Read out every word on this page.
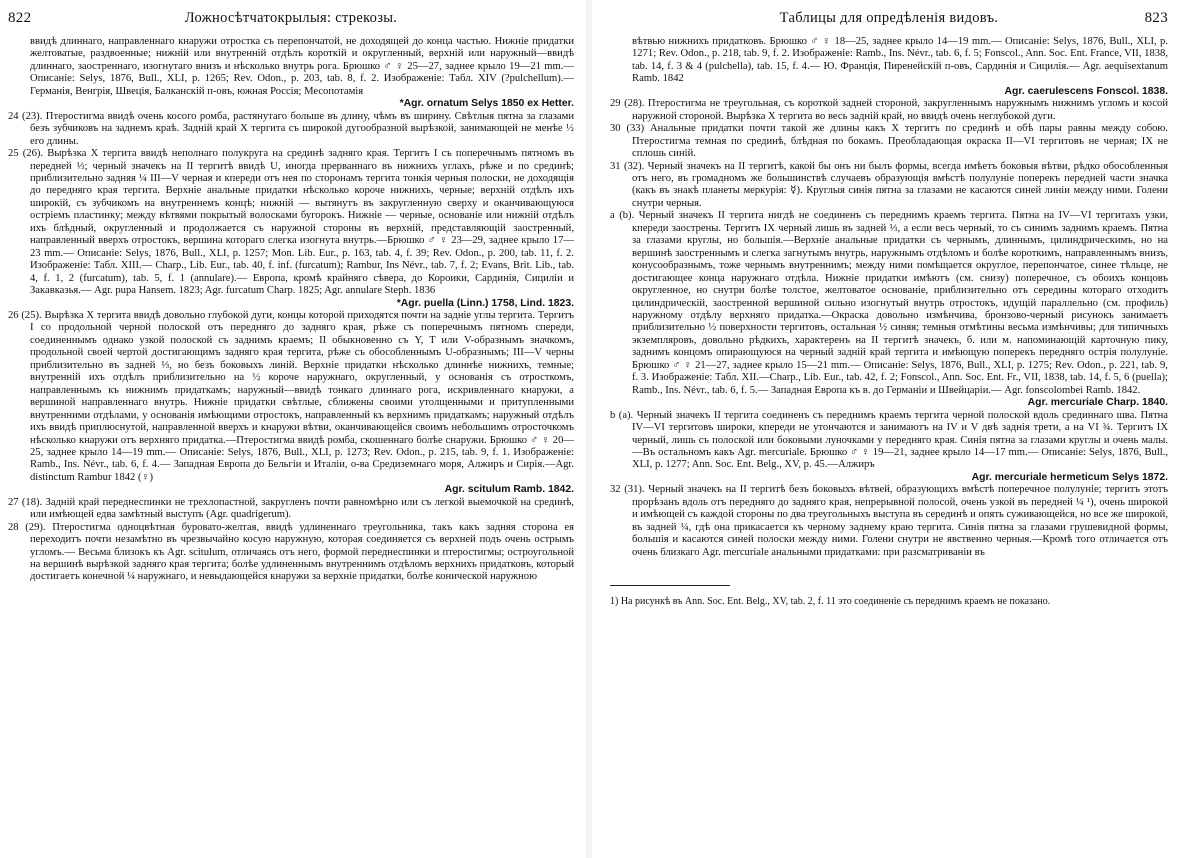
822	Ложносѣтчатокрылыя: стрекозы.

ввидѣ длиннаго, направленнаго кнаружи отростка съ перепончатой, не доходящей до конца частью. Нижніе придатки желтоватые, раздвоенные; нижній или внутренній отдѣлъ короткій и округленный, верхній или наружный—ввидѣ длиннаго, заостреннаго, изогнутаго внизъ и нѣсколько внутрь рога. Брюшко ♂ ♀ 25—27, заднее крыло 19—21 mm.— Описаніе: Selys, 1876, Bull., XLI, p. 1265; Rev. Odon., p. 203, tab. 8, f. 2. Изображеніе: Табл. XIV (?pulchellum).— Германія, Венгрія, Швеція, Балканскій п-овъ, южная Россія; Месопотамія

*Agr. ornatum Selys 1850 ex Hetter.

24 (23). Птеростигма ввидѣ очень косого ромба, растянутаго больше въ длину, чѣмъ въ ширину. Свѣтлыя пятна за глазами безъ зубчиковъ на заднемъ краѣ. Задній край X тергита съ широкой дугообразной вырѣзкой, занимающей не менѣе ½ его длины.

25 (26). Вырѣзка X тергита ввидѣ неполнаго полукруга на срединѣ задняго края. Тергитъ I съ поперечнымъ пятномъ въ передней ⅓; черный значекъ на II тергитѣ ввидѣ U, иногда прерваннаго въ нижнихъ углахъ, рѣже и по срединѣ; приблизительно задняя ¼ III—V черная и кпереди отъ нея по сторонамъ тергита тонкія черныя полоски, не доходящія до передняго края тергита. Верхніе анальные придатки нѣсколько короче нижнихъ, черные; верхній отдѣлъ ихъ широкій, съ зубчикомъ на внутреннемъ концѣ; нижній — вытянутъ въ закругленную сверху и оканчивающуюся острiемъ пластинку; между вѣтвями покрытый волосками бугорокъ. Нижніе — черные, основаніе или нижній отдѣлъ ихъ блѣдный, округленный и продолжается съ наружной стороны въ верхній, представляющій заостренный, направленный вверхъ отростокъ, вершина котораго слегка изогнута внутрь.—Брюшко ♂ ♀ 23—29, заднее крыло 17—23 mm.— Описаніе: Selys, 1876, Bull., XLI, p. 1257; Mon. Lib. Eur., p. 163, tab. 4, f. 39; Rev. Odon., p. 200, tab. 11, f. 2. Изображеніе: Табл. XIII.— Charp., Lib. Eur., tab. 40, f. inf. (furcatum); Rambur, Ins Névr., tab. 7, f. 2; Evans, Brit. Lib., tab. 4, f. 1, 2 (furcatum), tab. 5, f. 1 (annulare).— Европа, кромѣ крайняго сѣвера, до Короики, Сардинія, Сициліи и Закавказья.— Agr. pupa Hansem. 1823; Agr. furcatum Charp. 1825; Agr. annulare Steph. 1836

*Agr. puella (Linn.) 1758, Lind. 1823.

26 (25). Вырѣзка X тергита ввидѣ довольно глубокой дуги, концы которой приходятся почти на задніе углы тергита. Тергитъ I со продольной черной полоской отъ передняго до задняго края, рѣже съ поперечнымъ пятномъ спереди, соединеннымъ однако узкой полоской съ заднимъ краемъ; II обыкновенно съ Y, T или V-образнымъ значкомъ, продольной своей чертой достигающимъ задняго края тергита, рѣже съ обособленнымъ U-образнымъ; III—V черны приблизительно въ задней ⅓, но безъ боковыхъ линій. Верхніе придатки нѣсколько длиннѣе нижнихъ, темные; внутренній ихъ отдѣлъ приблизительно на ½ короче наружнаго, округленный, у основанія съ отросткомъ, направленнымъ къ нижнимъ придаткамъ; наружный—ввидѣ тонкаго длиннаго рога, искривленнаго кнаружи, а вершиной направленнаго внутрь. Нижніе придатки свѣтлые, сближены своими утолщенными и притупленными внутренними отдѣлами, у основанія имѣющими отростокъ, направленный къ верхнимъ придаткамъ; наружный отдѣлъ ихъ ввидѣ приплюснутой, направленной вверхъ и кнаружи вѣтви, оканчивающейся своимъ небольшимъ отросточкомъ нѣсколько кнаружи отъ верхняго придатка.—Птеростигма ввидѣ ромба, скошеннаго болѣе снаружи. Брюшко ♂ ♀ 20—25, заднее крыло 14—19 mm.— Описаніе: Selys, 1876, Bull., XLI, p. 1273; Rev. Odon., p. 215, tab. 9, f. 1. Изображеніе: Ramb., Ins. Névr., tab. 6, f. 4.— Западная Европа до Бельгіи и Италіи, о-ва Средиземнаго моря, Алжиръ и Сирія.—Agr. distinctum Rambur 1842 (♀)

Agr. scitulum Ramb. 1842.

27 (18). Задній край переднеспинки не трехлопастной, закругленъ почти равномѣрно или съ легкой выемочкой на срединѣ, или имѣющей едва замѣтный выступъ (Agr. quadrigerum).

28 (29). Птеростигма одноцвѣтная буровато-желтая, ввидѣ удлиненнаго треугольника, такъ какъ задняя сторона ея переходитъ почти незамѣтно въ чрезвычайно косую наружную, которая соединяется съ верхней подъ очень острымъ угломъ.— Весьма близокъ къ Agr. scitulum, отличаясь отъ него, формой переднеспинки и птеростигмы; остроугольной на вершинѣ вырѣзкой задняго края тергита; болѣе удлиненнымъ внутреннимъ отдѣломъ верхнихъ придатковъ, который достигаетъ конечной ¼ наружнаго, и невыдающейся кнаружи за верхніе придатки, болѣе конической наружною

Таблицы для опредѣленія видовъ.	823

вѣтвью нижнихъ придатковъ. Брюшко ♂ ♀ 18—25, заднее крыло 14—19 mm.— Описаніе: Selys, 1876, Bull., XLI, p. 1271; Rev. Odon., p. 218, tab. 9, f. 2. Изображеніе: Ramb., Ins. Névr., tab. 6, f. 5; Fonscol., Ann. Soc. Ent. France, VII, 1838, tab. 14, f. 3 & 4 (pulchella), tab. 15, f. 4.— Ю. Франція, Пиренейскій п-овъ, Сардинія и Сицилія.— Agr. aequisextanum Ramb. 1842

Agr. caerulescens Fonscol. 1838.

29 (28). Птеростигма не треугольная, съ короткой задней стороной, закругленнымъ наружнымъ нижнимъ угломъ и косой наружной стороной. Вырѣзка X тергита во весь задній край, но ввидѣ очень неглубокой дуги.

30 (33) Анальные придатки почти такой же длины какъ X тергитъ по срединѣ и обѣ пары равны между собою. Птеростигма темная по срединѣ, блѣдная по бокамъ. Преобладающая окраска II—VI тергитовъ не черная; IX не сплошь синій.

31 (32). Черный значекъ на II тергитѣ, какой бы онъ ни былъ формы, всегда имѣетъ боковыя вѣтви, рѣдко обособленныя отъ него, въ громадномъ же большинствѣ случаевъ образующія вмѣстѣ полулуніе поперекъ передней части значка (какъ въ знакѣ планеты меркурія: ☿). Круглыя синія пятна за глазами не касаются синей линіи между ними. Голени снутри черныя.

a (b). Черный значекъ II тергита нигдѣ не соединенъ съ переднимъ краемъ тергита. Пятна на IV—VI тергитахъ узки, кпереди заострены. Тергитъ IX черный лишь въ задней ⅓, а если весь черный, то съ синимъ заднимъ краемъ. Пятна за глазами круглы, но большія.—Верхніе анальные придатки съ чернымъ, длиннымъ, цилиндрическимъ, но на вершинѣ заостреннымъ и слегка загнутымъ внутрь, наружнымъ отдѣломъ и болѣе короткимъ, направленнымъ внизъ, конусообразнымъ, тоже чернымъ внутреннимъ; между ними помѣщается округлое, перепончатое, синее тѣльце, не достигающее конца наружнаго отдѣла. Нижніе придатки имѣютъ (см. снизу) поперечное, съ обоихъ концовъ округленное, но снутри болѣе толстое, желтоватое основаніе, приблизительно отъ середины котораго отходитъ цилиндрическій, заостренной вершиной сильно изогнутый внутрь отростокъ, идущій параллельно (см. профиль) наружному отдѣлу верхняго придатка.—Окраска довольно измѣнчива, бронзово-черный рисунокъ занимаетъ приблизительно ½ поверхности тергитовъ, остальная ½ синяя; темныя отмѣтины весьма измѣнчивы; для типичныхъ экземпляровъ, довольно рѣдкихъ, характеренъ на II тергитѣ значекъ, б. или м. напоминающій карточную пику, заднимъ концомъ опирающуюся на черный задній край тергита и имѣющую поперекъ передняго острія полулуніе. Брюшко ♂ ♀ 21—27, заднее крыло 15—21 mm.— Описаніе: Selys, 1876, Bull., XLI, p. 1275; Rev. Odon., p. 221, tab. 9, f. 3. Изображеніе: Табл. XII.—Charp., Lib. Eur., tab. 42, f. 2; Fonscol., Ann. Soc. Ent. Fr., VII, 1838, tab. 14, f. 5, 6 (puella); Ramb., Ins. Névr., tab. 6, f. 5.— Западная Европа къ в. до Германіи и Швейцаріи.— Agr. fonscolombei Ramb. 1842.

Agr. mercuriale Charp. 1840.

b (a). Черный значекъ II тергита соединенъ съ переднимъ краемъ тергита черной полоской вдоль срединнаго шва. Пятна IV—VI тергитовъ широки, кпереди не утончаются и занимаютъ на IV и V двѣ заднія трети, а на VI ¾. Тергитъ IX черный, лишь съ полоской или боковыми луночками у передняго края. Синія пятна за глазами круглы и очень малы.—Въ остальномъ какъ Agr. mercuriale. Брюшко ♂ ♀ 19—21, заднее крыло 14—17 mm.— Описаніе: Selys, 1876, Bull., XLI, p. 1277; Ann. Soc. Ent. Belg., XV, p. 45.—Алжиръ

Agr. mercuriale hermeticum Selys 1872.

32 (31). Черный значекъ на II тергитѣ безъ боковыхъ вѣтвей, образующихъ вмѣстѣ поперечное полулуніе; тергитъ этотъ прорѣзанъ вдоль отъ передняго до задняго края, непрерывной полосой, очень узкой въ передней ¼ ¹), очень широкой и имѣющей съ каждой стороны по два треугольныхъ выступа въ серединѣ и опять суживающейся, но все же широкой, въ задней ¼, гдѣ она прикасается къ черному заднему краю тергита. Синія пятна за глазами грушевидной формы, большія и касаются синей полоски между ними. Голени снутри не явственно черныя.—Кромѣ того отличается отъ очень близкаго Agr. mercuriale анальными придатками: при разсматриваніи въ

1) На рисункѣ въ Ann. Soc. Ent. Belg., XV, tab. 2, f. 11 это соединеніе съ переднимъ краемъ не показано.
